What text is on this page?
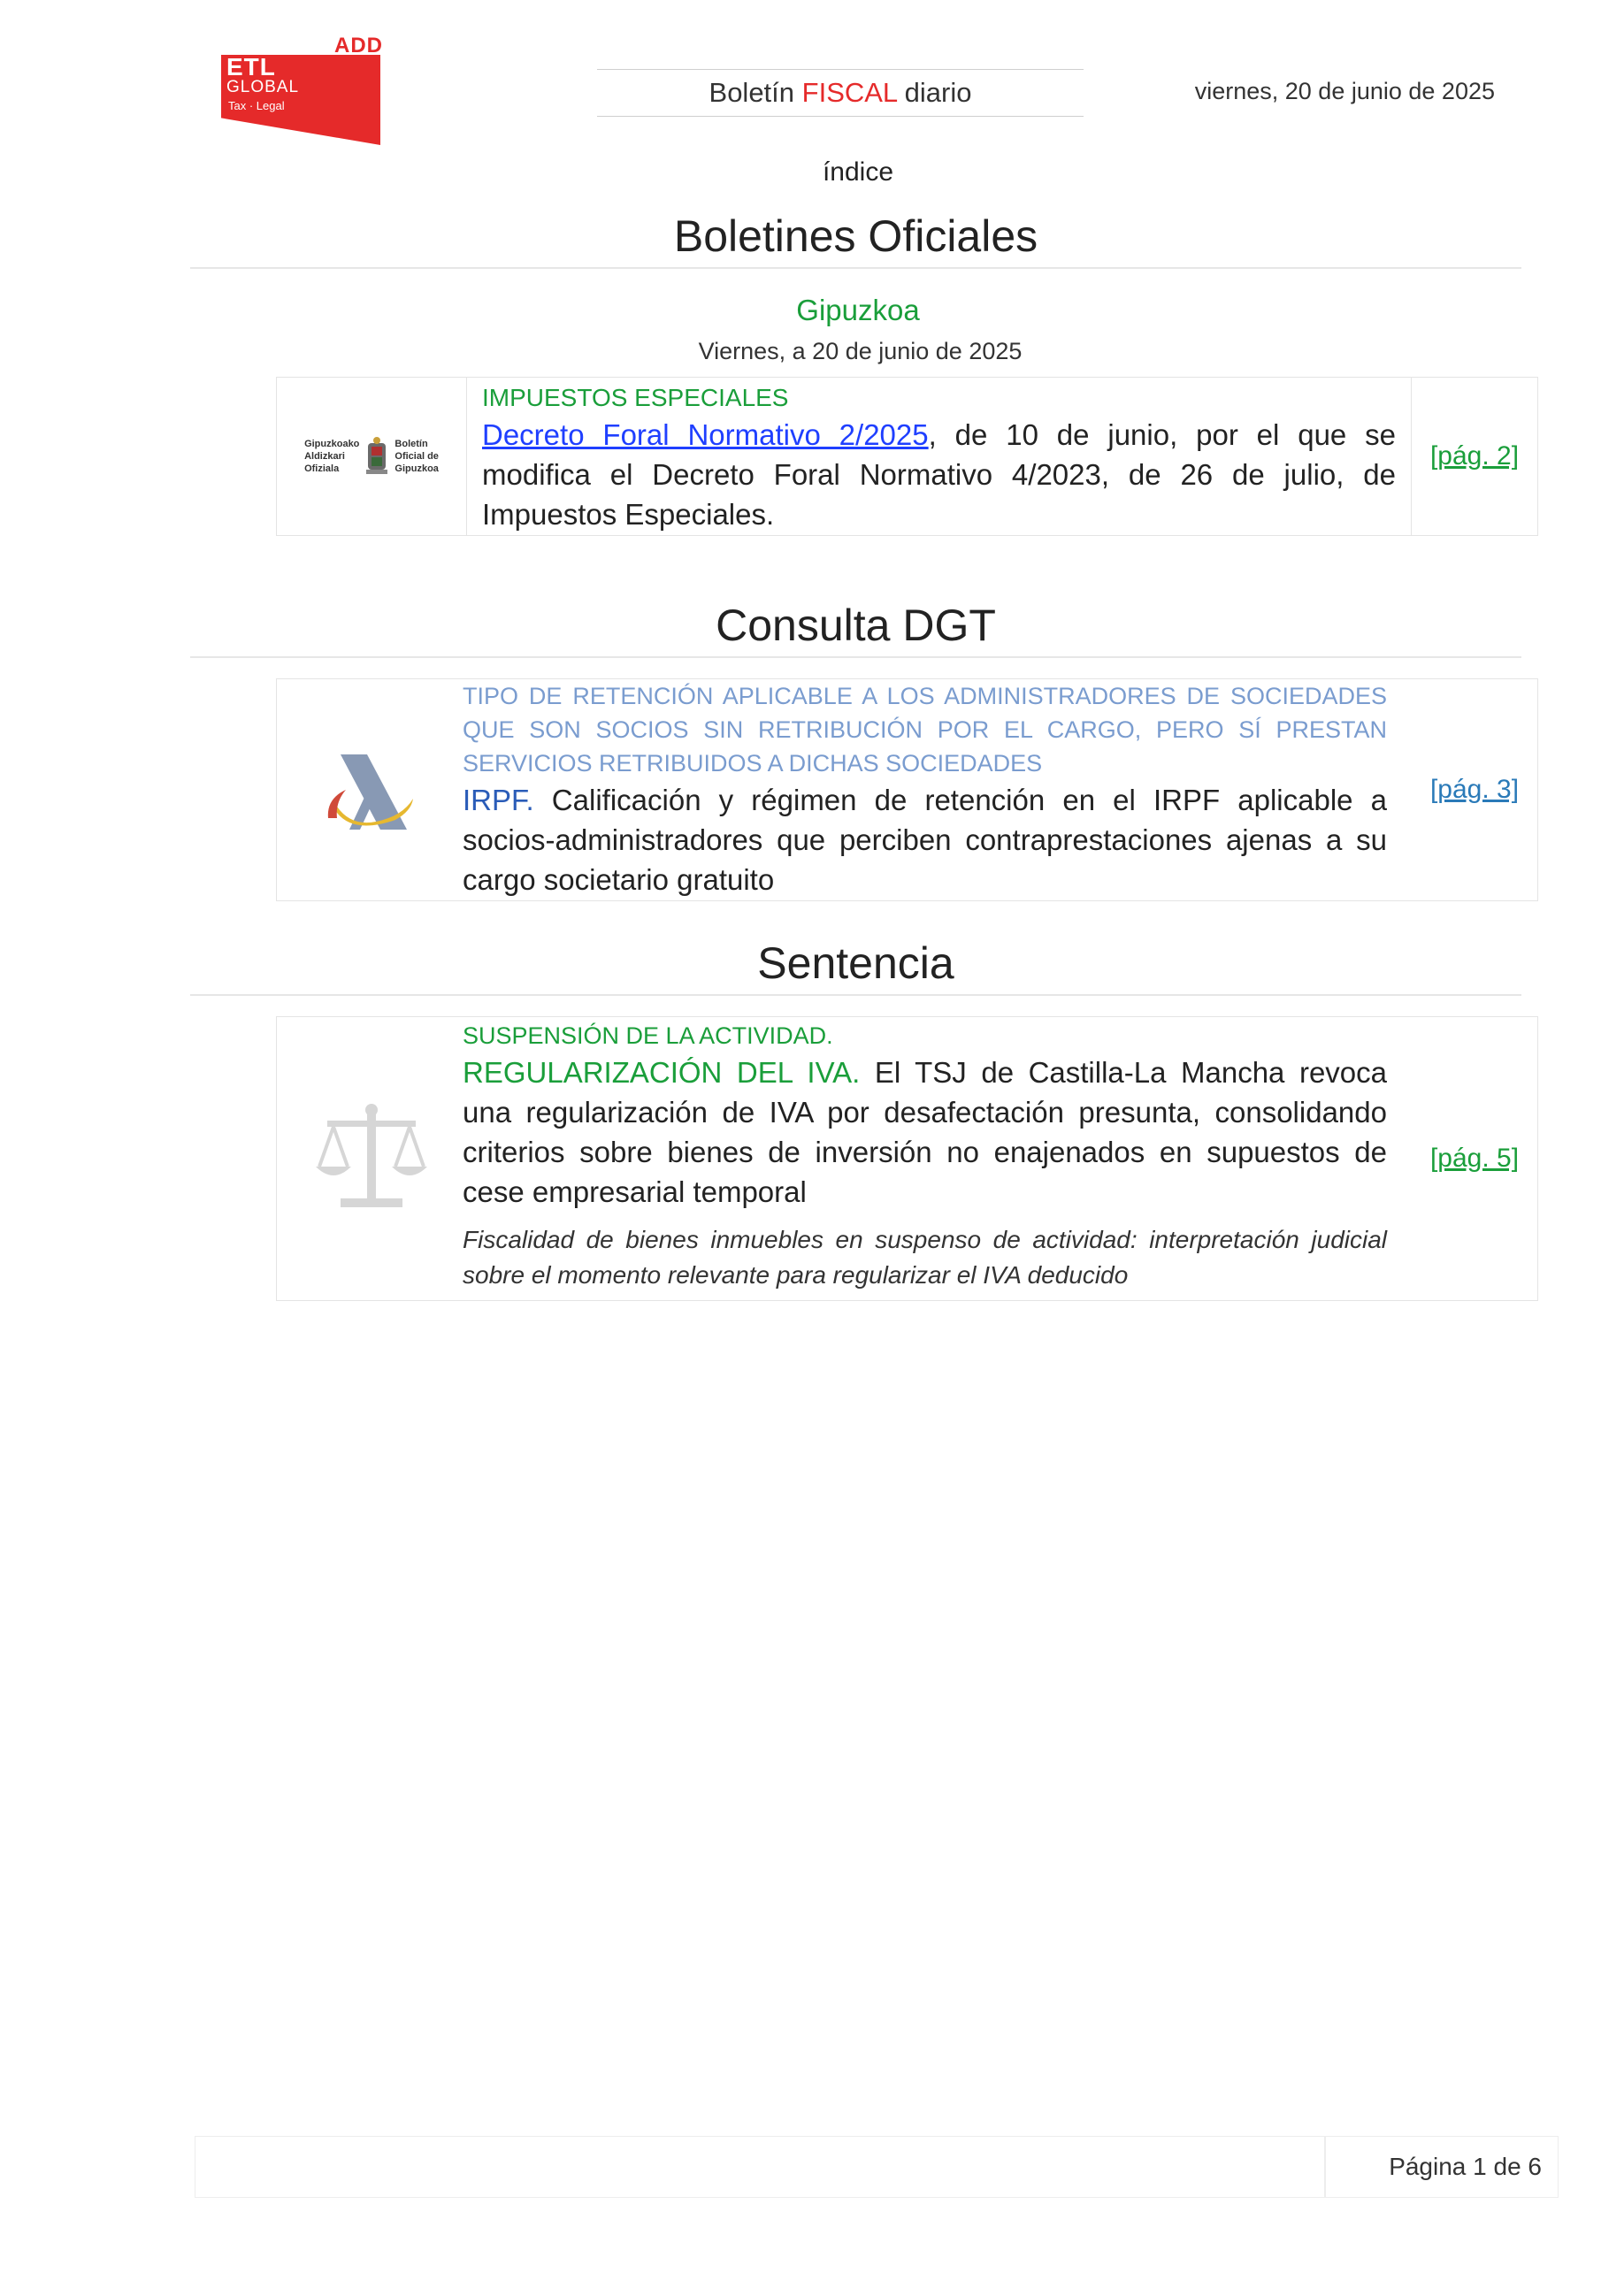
ADD
ETL
GLOBAL
Tax · Legal	Boletín FISCAL diario	viernes, 20 de junio de 2025
índice
Boletines Oficiales
Gipuzkoa
Viernes, a 20 de junio de 2025
Gipuzkoako
Aldizkari
Ofiziala
Boletín
Oficial de
Gipuzkoa
IMPUESTOS ESPECIALES
Decreto Foral Normativo 2/2025, de 10 de junio, por el que se modifica el Decreto Foral Normativo 4/2023, de 26 de julio, de Impuestos Especiales.
[pág. 2]
Consulta DGT
TIPO DE RETENCIÓN APLICABLE A LOS ADMINISTRADORES DE SOCIEDADES QUE SON SOCIOS SIN RETRIBUCIÓN POR EL CARGO, PERO SÍ PRESTAN SERVICIOS RETRIBUIDOS A DICHAS SOCIEDADES
IRPF. Calificación y régimen de retención en el IRPF aplicable a socios-administradores que perciben contraprestaciones ajenas a su cargo societario gratuito
[pág. 3]
Sentencia
SUSPENSIÓN DE LA ACTIVIDAD.
REGULARIZACIÓN DEL IVA. El TSJ de Castilla-La Mancha revoca una regularización de IVA por desafectación presunta, consolidando criterios sobre bienes de inversión no enajenados en supuestos de cese empresarial temporal
Fiscalidad de bienes inmuebles en suspenso de actividad: interpretación judicial sobre el momento relevante para regularizar el IVA deducido
[pág. 5]
Página 1 de 6
